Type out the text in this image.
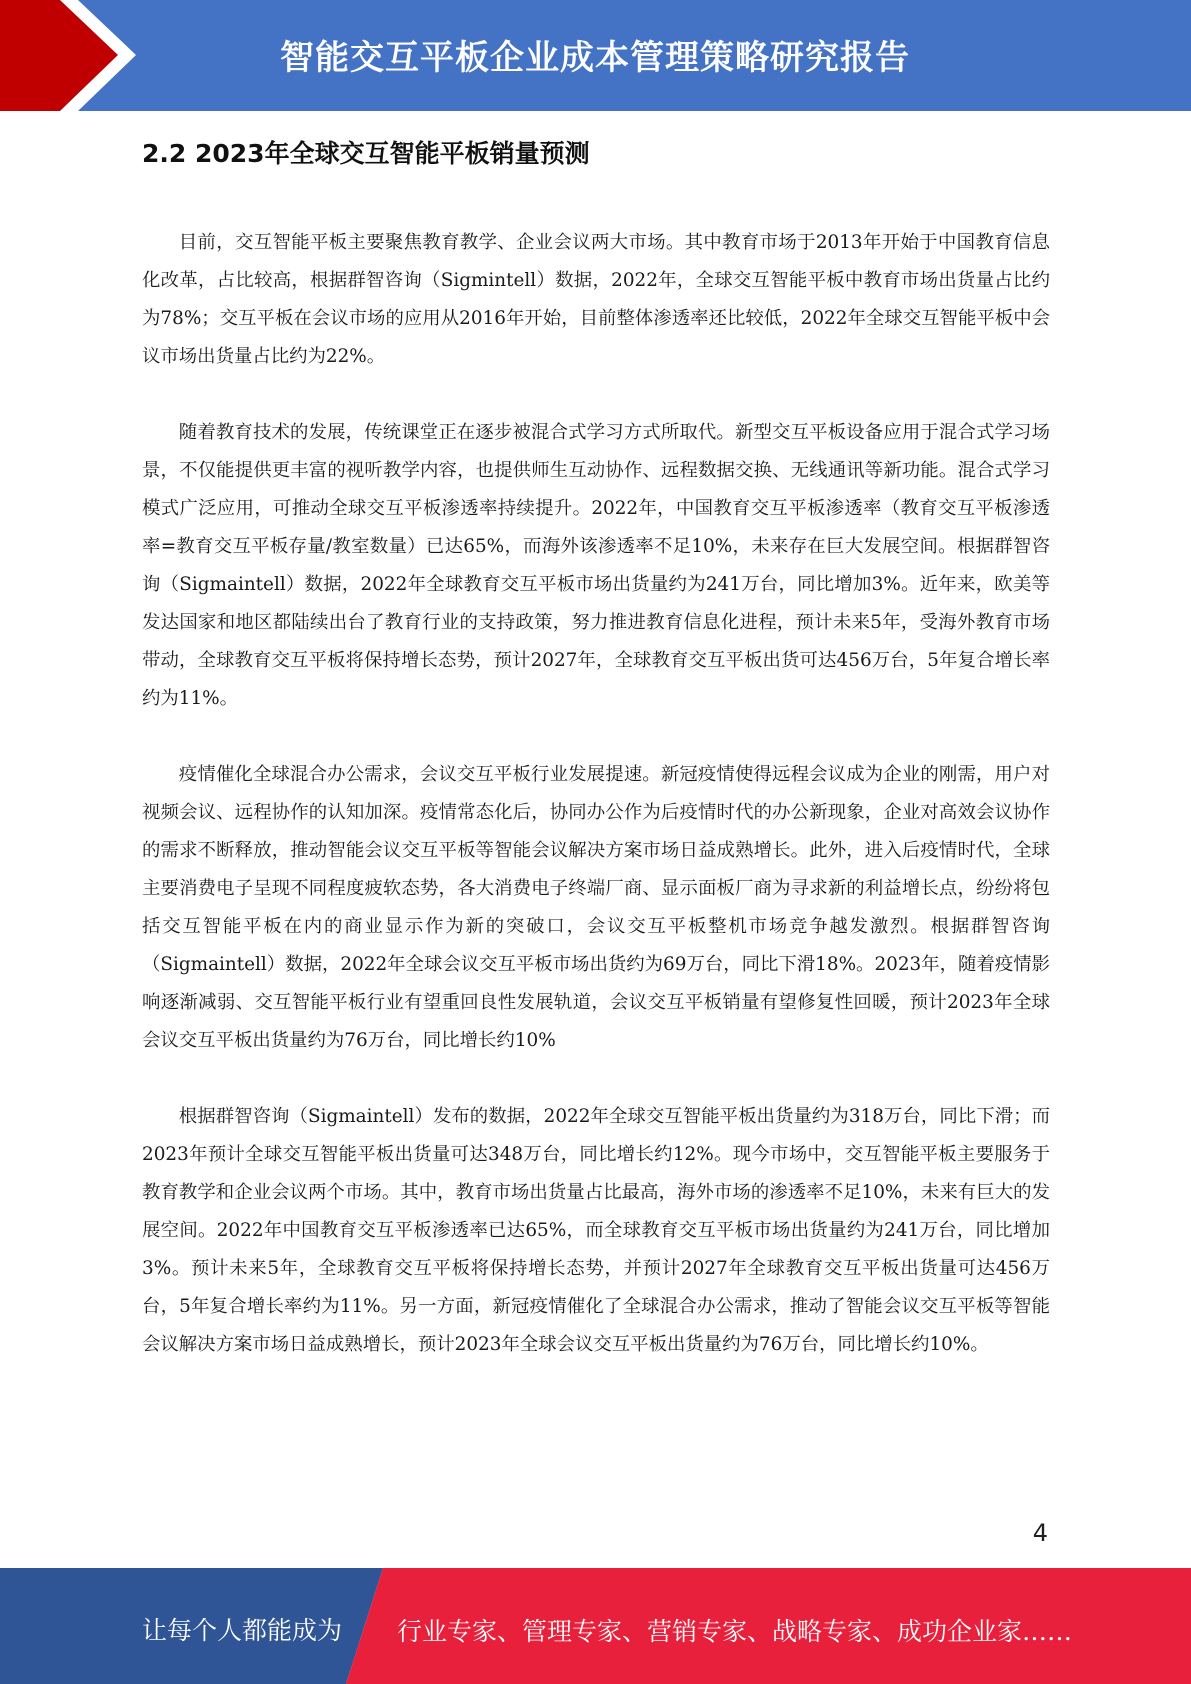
智能交互平板企业成本管理策略研究报告
2.2 2023年全球交互智能平板销量预测

目前，交互智能平板主要聚焦教育教学、企业会议两大市场。其中教育市场于2013年开始于中国教育信息化改革，占比较高，根据群智咨询（Sigmintell）数据，2022年，全球交互智能平板中教育市场出货量占比约为78%；交互平板在会议市场的应用从2016年开始，目前整体渗透率还比较低，2022年全球交互智能平板中会议市场出货量占比约为22%。

随着教育技术的发展，传统课堂正在逐步被混合式学习方式所取代。新型交互平板设备应用于混合式学习场景，不仅能提供更丰富的视听教学内容，也提供师生互动协作、远程数据交换、无线通讯等新功能。混合式学习模式广泛应用，可推动全球交互平板渗透率持续提升。2022年，中国教育交互平板渗透率（教育交互平板渗透率=教育交互平板存量/教室数量）已达65%，而海外该渗透率不足10%，未来存在巨大发展空间。根据群智咨询（Sigmaintell）数据，2022年全球教育交互平板市场出货量约为241万台，同比增加3%。近年来，欧美等发达国家和地区都陆续出台了教育行业的支持政策，努力推进教育信息化进程，预计未来5年，受海外教育市场带动，全球教育交互平板将保持增长态势，预计2027年，全球教育交互平板出货可达456万台，5年复合增长率约为11%。

疫情催化全球混合办公需求，会议交互平板行业发展提速。新冠疫情使得远程会议成为企业的刚需，用户对视频会议、远程协作的认知加深。疫情常态化后，协同办公作为后疫情时代的办公新现象，企业对高效会议协作的需求不断释放，推动智能会议交互平板等智能会议解决方案市场日益成熟增长。此外，进入后疫情时代，全球主要消费电子呈现不同程度疲软态势，各大消费电子终端厂商、显示面板厂商为寻求新的利益增长点，纷纷将包括交互智能平板在内的商业显示作为新的突破口，会议交互平板整机市场竞争越发激烈。根据群智咨询（Sigmaintell）数据，2022年全球会议交互平板市场出货约为69万台，同比下滑18%。2023年，随着疫情影响逐渐减弱、交互智能平板行业有望重回良性发展轨道，会议交互平板销量有望修复性回暖，预计2023年全球会议交互平板出货量约为76万台，同比增长约10%

根据群智咨询（Sigmaintell）发布的数据，2022年全球交互智能平板出货量约为318万台，同比下滑；而2023年预计全球交互智能平板出货量可达348万台，同比增长约12%。现今市场中，交互智能平板主要服务于教育教学和企业会议两个市场。其中，教育市场出货量占比最高，海外市场的渗透率不足10%，未来有巨大的发展空间。2022年中国教育交互平板渗透率已达65%，而全球教育交互平板市场出货量约为241万台，同比增加3%。预计未来5年，全球教育交互平板将保持增长态势，并预计2027年全球教育交互平板出货量可达456万台，5年复合增长率约为11%。另一方面，新冠疫情催化了全球混合办公需求，推动了智能会议交互平板等智能会议解决方案市场日益成熟增长，预计2023年全球会议交互平板出货量约为76万台，同比增长约10%。

4
让每个人都能成为 行业专家、管理专家、营销专家、战略专家、成功企业家……
